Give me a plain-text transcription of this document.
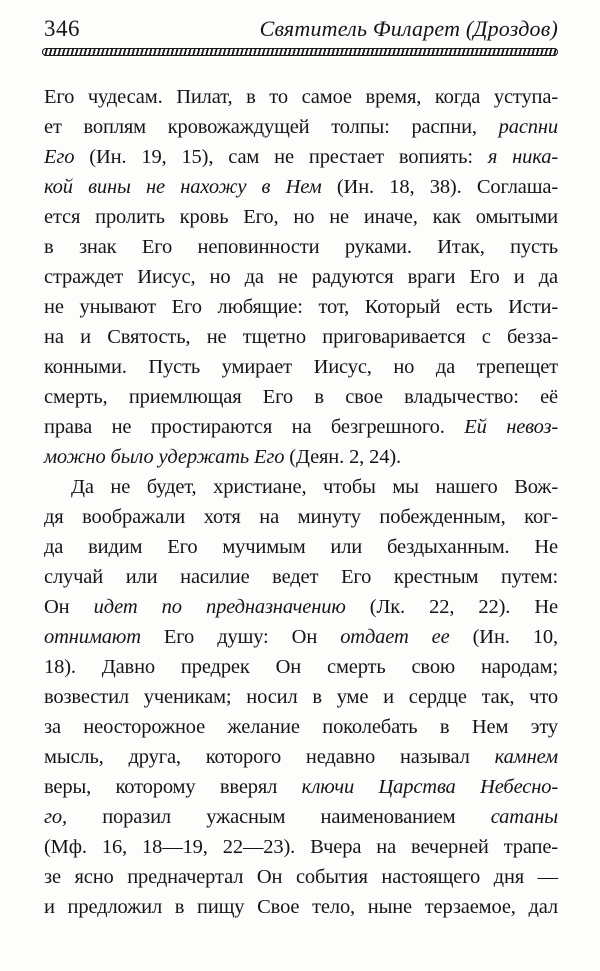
346	Святитель Филарет (Дроздов)
Его чудесам. Пилат, в то самое время, когда уступа-
ет воплям кровожаждущей толпы: распни, распни
Его (Ин. 19, 15), сам не престает вопиять: я ника-
кой вины не нахожу в Нем (Ин. 18, 38). Соглаша-
ется пролить кровь Его, но не иначе, как омытыми
в знак Его неповинности руками. Итак, пусть
страждет Иисус, но да не радуются враги Его и да
не унывают Его любящие: тот, Который есть Исти-
на и Святость, не тщетно приговаривается с безза-
конными. Пусть умирает Иисус, но да трепещет
смерть, приемлющая Его в свое владычество: её
права не простираются на безгрешного. Ей невоз-
можно было удержать Его (Деян. 2, 24).
Да не будет, христиане, чтобы мы нашего Вож-
дя воображали хотя на минуту побежденным, ког-
да видим Его мучимым или бездыханным. Не
случай или насилие ведет Его крестным путем:
Он идет по предназначению (Лк. 22, 22). Не
отнимают Его душу: Он отдает ее (Ин. 10,
18). Давно предрек Он смерть свою народам;
возвестил ученикам; носил в уме и сердце так, что
за неосторожное желание поколебать в Нем эту
мысль, друга, которого недавно называл камнем
веры, которому вверял ключи Царства Небесно-
го, поразил ужасным наименованием сатаны
(Мф. 16, 18—19, 22—23). Вчера на вечерней трапе-
зе ясно предначертал Он события настоящего дня —
и предложил в пищу Свое тело, ныне терзаемое, дал
